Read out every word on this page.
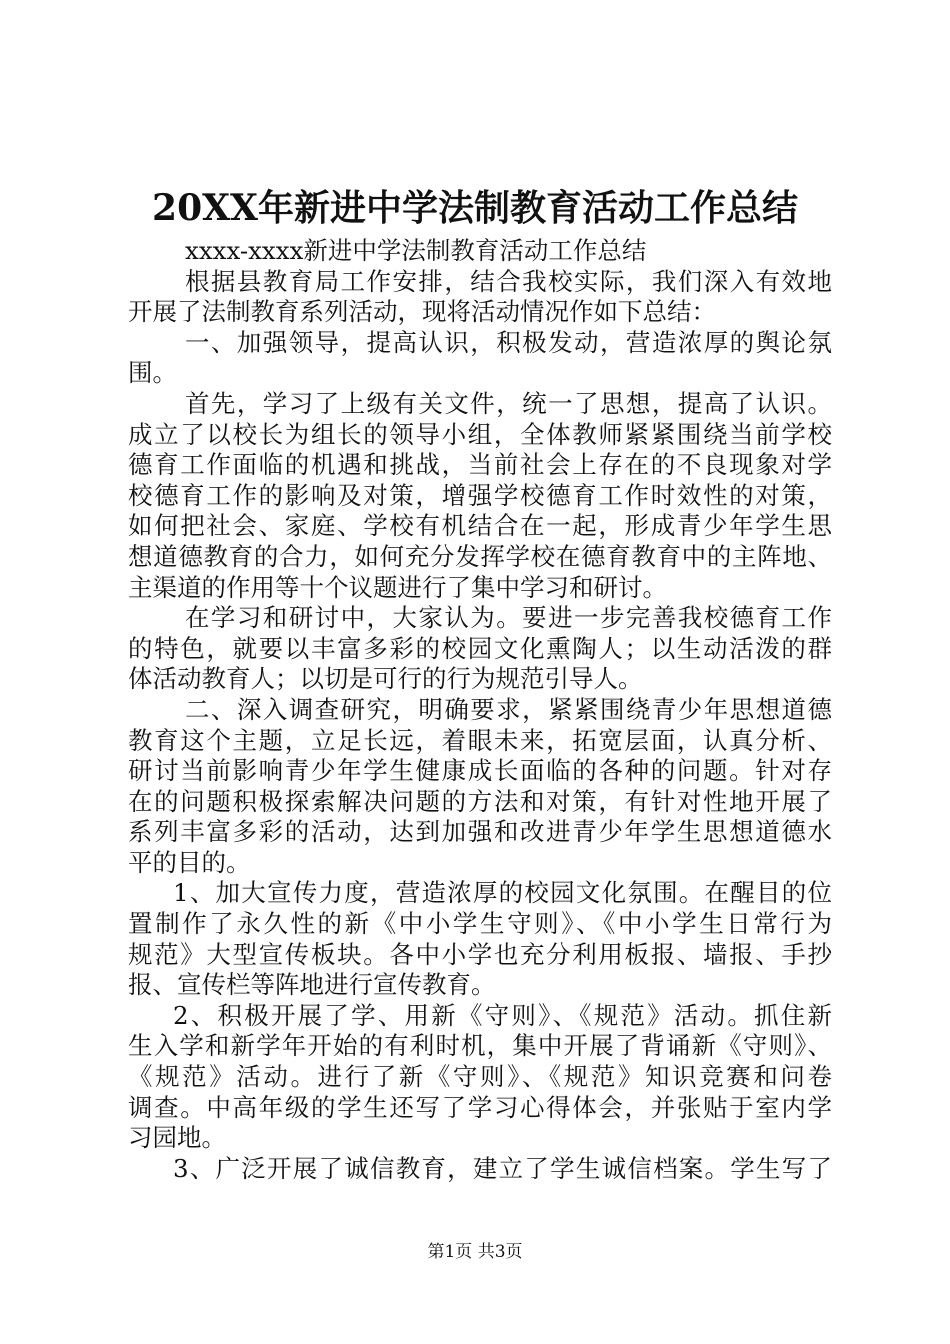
20XX年新进中学法制教育活动工作总结
xxxx-xxxx新进中学法制教育活动工作总结
根据县教育局工作安排，结合我校实际，我们深入有效地
开展了法制教育系列活动，现将活动情况作如下总结：
一、加强领导，提高认识，积极发动，营造浓厚的舆论氛
围。
首先，学习了上级有关文件，统一了思想，提高了认识。
成立了以校长为组长的领导小组，全体教师紧紧围绕当前学校
德育工作面临的机遇和挑战，当前社会上存在的不良现象对学
校德育工作的影响及对策，增强学校德育工作时效性的对策，
如何把社会、家庭、学校有机结合在一起，形成青少年学生思
想道德教育的合力，如何充分发挥学校在德育教育中的主阵地、
主渠道的作用等十个议题进行了集中学习和研讨。
在学习和研讨中，大家认为。要进一步完善我校德育工作
的特色，就要以丰富多彩的校园文化熏陶人；以生动活泼的群
体活动教育人；以切是可行的行为规范引导人。
二、深入调查研究，明确要求，紧紧围绕青少年思想道德
教育这个主题，立足长远，着眼未来，拓宽层面，认真分析、
研讨当前影响青少年学生健康成长面临的各种的问题。针对存
在的问题积极探索解决问题的方法和对策，有针对性地开展了
系列丰富多彩的活动，达到加强和改进青少年学生思想道德水
平的目的。
1、加大宣传力度，营造浓厚的校园文化氛围。在醒目的位
置制作了永久性的新《中小学生守则》、《中小学生日常行为
规范》大型宣传板块。各中小学也充分利用板报、墙报、手抄
报、宣传栏等阵地进行宣传教育。
2、积极开展了学、用新《守则》、《规范》活动。抓住新
生入学和新学年开始的有利时机，集中开展了背诵新《守则》、
《规范》活动。进行了新《守则》、《规范》知识竞赛和问卷
调查。中高年级的学生还写了学习心得体会，并张贴于室内学
习园地。
3、广泛开展了诚信教育，建立了学生诚信档案。学生写了
第1页 共3页
